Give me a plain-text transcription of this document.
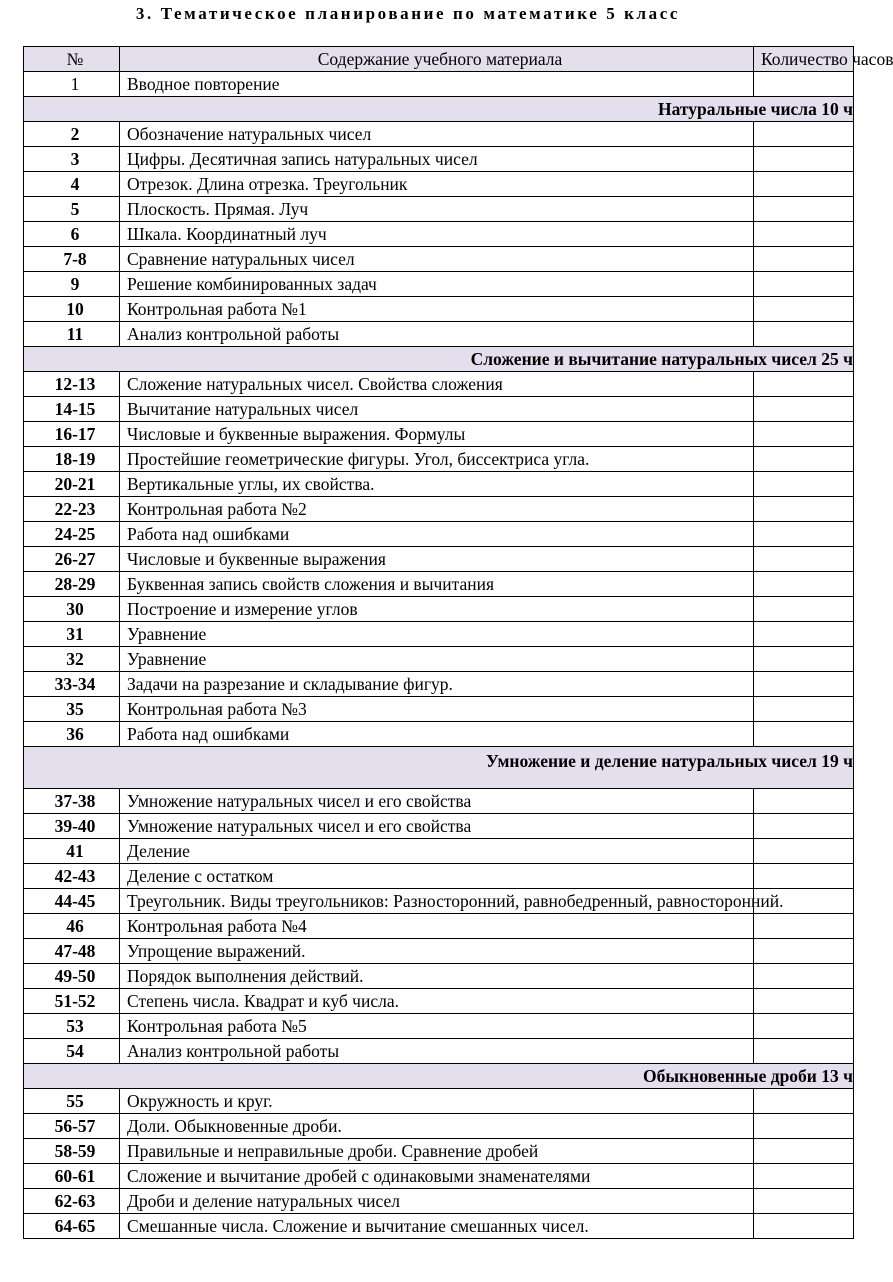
3. Тематическое планирование по математике 5 класс
№	Содержание учебного материала	Количество часов
1	Вводное повторение	

Натуральные числа 10 ч		

2	Обозначение натуральных чисел	
3	Цифры. Десятичная запись натуральных чисел	
4	Отрезок. Длина отрезка. Треугольник	
5	Плоскость. Прямая. Луч	
6	Шкала. Координатный луч	
7-8	Сравнение натуральных чисел	
9	Решение комбинированных задач	
10	Контрольная работа №1	
11	Анализ контрольной работы	

Сложение и вычитание натуральных чисел 25 ч		

12-13	Сложение натуральных чисел. Свойства сложения	
14-15	Вычитание натуральных чисел	
16-17	Числовые и буквенные выражения. Формулы	
18-19	Простейшие геометрические фигуры. Угол, биссектриса угла.	
20-21	Вертикальные углы, их свойства.	
22-23	Контрольная работа №2	
24-25	Работа над ошибками	
26-27	Числовые и буквенные выражения	
28-29	Буквенная запись свойств сложения и вычитания	
30	Построение и измерение углов	
31	Уравнение	
32	Уравнение	
33-34	Задачи на разрезание и складывание фигур.	
35	Контрольная работа №3	
36	Работа над ошибками	

Умножение и деление натуральных чисел 19 ч		

37-38	Умножение натуральных чисел и его свойства	
39-40	Умножение натуральных чисел и его свойства	
41	Деление	
42-43	Деление с остатком	
44-45	Треугольник. Виды треугольников: Разносторонний, равнобедренный, равносторонний.	
46	Контрольная работа №4	
47-48	Упрощение выражений.	
49-50	Порядок выполнения действий.	
51-52	Степень числа. Квадрат и куб числа.	
53	Контрольная работа №5	
54	Анализ контрольной работы	

Обыкновенные дроби 13 ч		

55	Окружность и круг.	
56-57	Доли. Обыкновенные дроби.	
58-59	Правильные и неправильные дроби. Сравнение дробей	
60-61	Сложение и вычитание дробей с одинаковыми знаменателями	
62-63	Дроби и деление натуральных чисел	
64-65	Смешанные числа. Сложение и вычитание смешанных чисел.	
